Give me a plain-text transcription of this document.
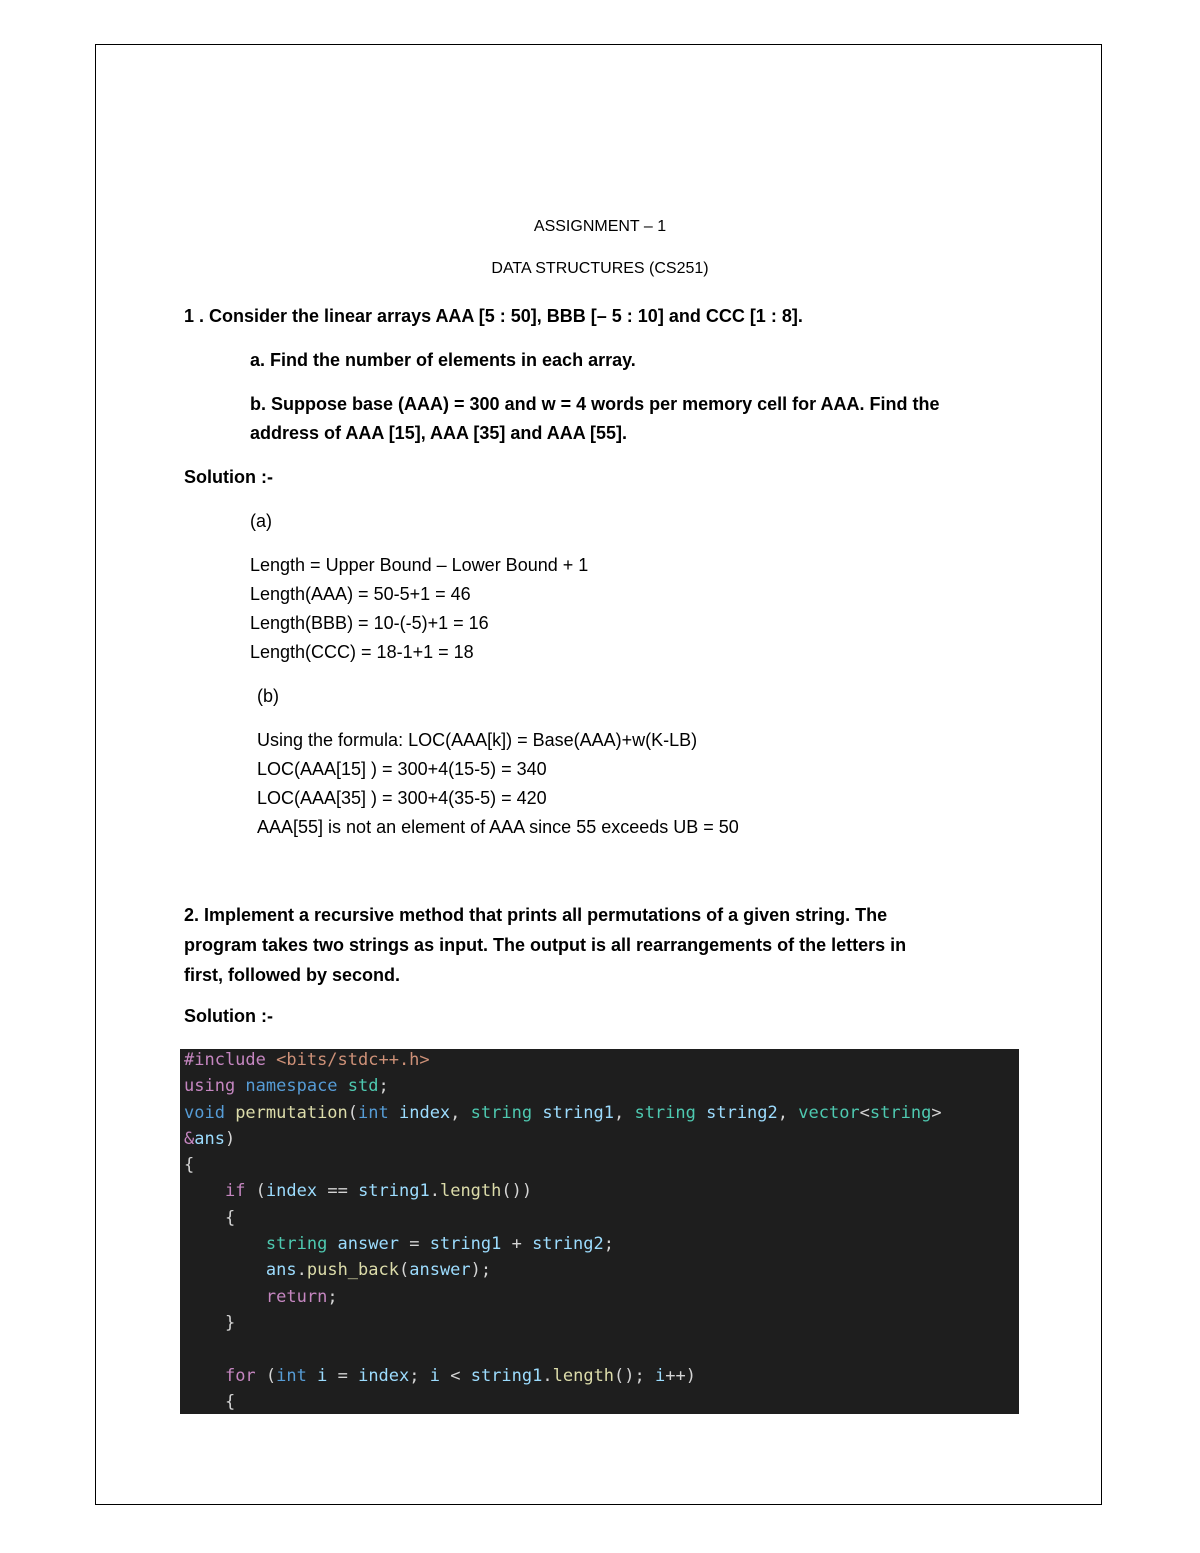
ASSIGNMENT – 1
DATA STRUCTURES (CS251)
1 . Consider the linear arrays AAA [5 : 50], BBB [– 5 : 10] and CCC [1 : 8].
a. Find the number of elements in each array.
b. Suppose base (AAA) = 300 and w = 4 words per memory cell for AAA. Find the
address of AAA [15], AAA [35] and AAA [55].
Solution :-
(a)
Length = Upper Bound – Lower Bound + 1
Length(AAA) = 50-5+1 = 46
Length(BBB) = 10-(-5)+1 = 16
Length(CCC) = 18-1+1 = 18
(b)
Using the formula: LOC(AAA[k]) = Base(AAA)+w(K-LB)
LOC(AAA[15] ) = 300+4(15-5) = 340
LOC(AAA[35] ) = 300+4(35-5) = 420
AAA[55] is not an element of AAA since 55 exceeds UB = 50
2. Implement a recursive method that prints all permutations of a given string. The
program takes two strings as input. The output is all rearrangements of the letters in
first, followed by second.
Solution :-
#include <bits/stdc++.h>
using namespace std;
void permutation(int index, string string1, string string2, vector<string>
&ans)
{
if (index == string1.length())
{
string answer = string1 + string2;
ans.push_back(answer);
return;
}
for (int i = index; i < string1.length(); i++)
{
